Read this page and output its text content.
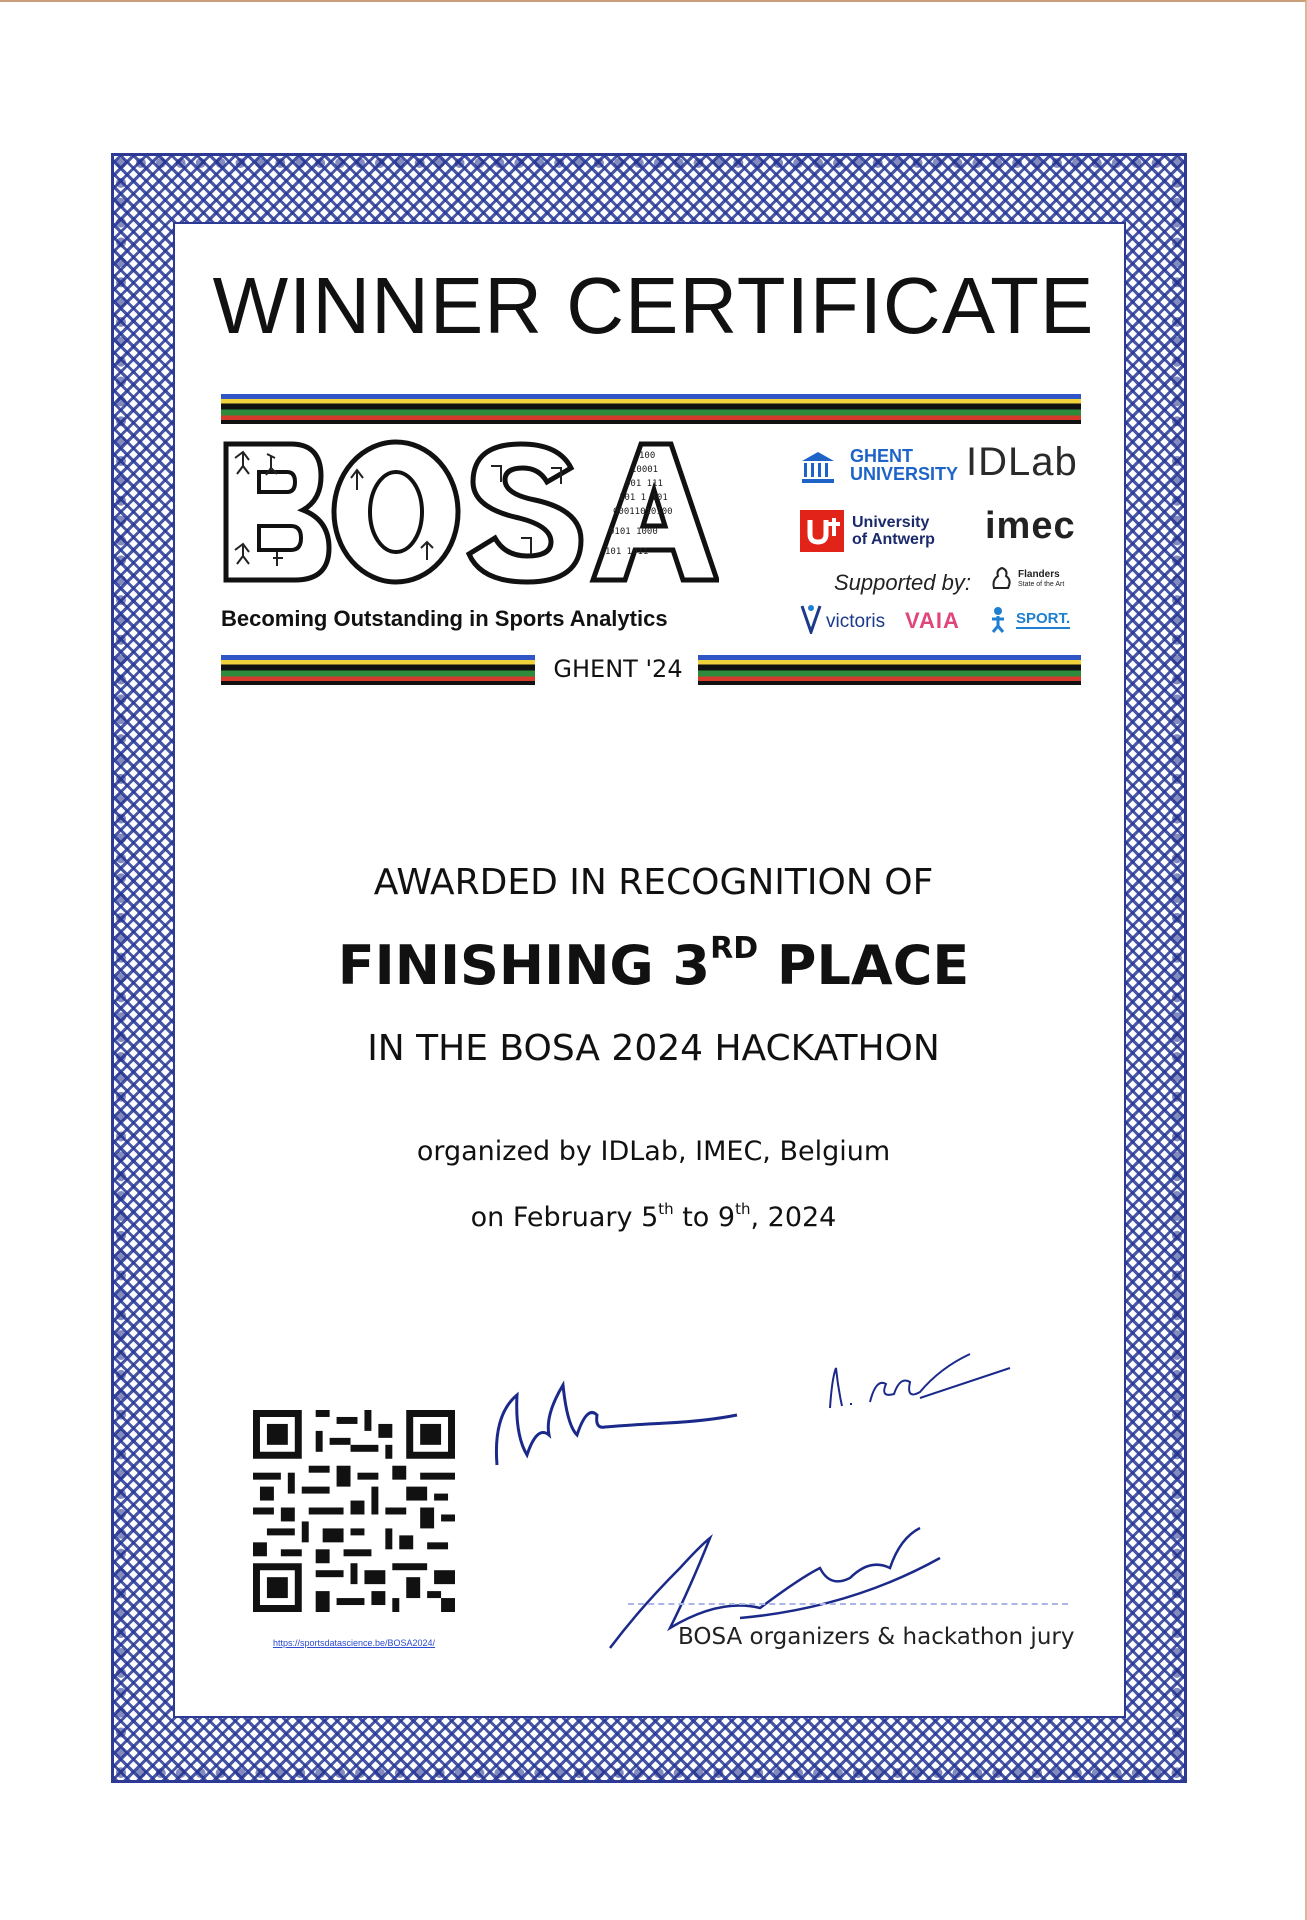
WINNER CERTIFICATE
100
10001
001 111
101 1 101
00011010100
0101 1000
101 1011
Becoming Outstanding in Sports Analytics
GHENT '24
GHENT
UNIVERSITY IDLab
University
of Antwerp imec
Supported by:	Flanders
State of the Art
victoris VAIA	SPORT.
AWARDED IN RECOGNITION OF
FINISHING 3RD PLACE
IN THE BOSA 2024 HACKATHON
organized by IDLab, IMEC, Belgium
on February 5th to 9th, 2024
https://sportsdatascience.be/BOSA2024/	BOSA organizers & hackathon jury
